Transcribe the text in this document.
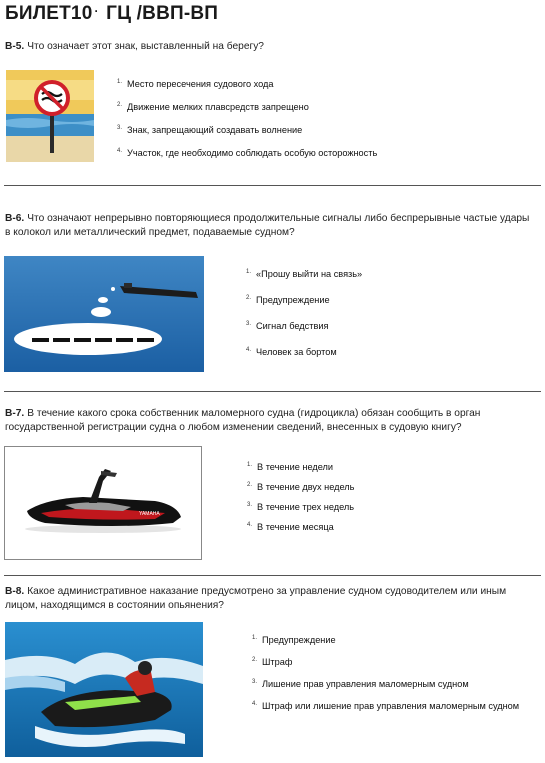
БИЛЕТ10 · ГЦ /ВВП-ВП
В-5. Что означает этот знак, выставленный на берегу?
$^{1.}$ Место пересечения судового хода
$^{2.}$ Движение мелких плавсредств запрещено
$^{3.}$ Знак, запрещающий создавать волнение
$^{4.}$ Участок, где необходимо соблюдать особую осторожность
В-6. Что означают непрерывно повторяющиеся продолжительные сигналы либо беспрерывные частые удары в колокол или металлический предмет, подаваемые судном?
$^{1.}$ «Прошу выйти на связь»
$^{2.}$ Предупреждение
$^{3.}$ Сигнал бедствия
$^{4.}$ Человек за бортом
В-7. В течение какого срока собственник маломерного судна (гидроцикла) обязан сообщить в орган государственной регистрации судна о любом изменении сведений, внесенных в судовую книгу?
YAMAHA
$^{1.}$ В течение недели
$^{2.}$ В течение двух недель
$^{3.}$ В течение трех недель
$^{4.}$ В течение месяца
В-8. Какое административное наказание предусмотрено за управление судном судоводителем или иным лицом, находящимся в состоянии опьянения?
$^{1.}$ Предупреждение
$^{2.}$ Штраф
$^{3.}$ Лишение прав управления маломерным судном
$^{4.}$ Штраф или лишение прав управления маломерным судном
